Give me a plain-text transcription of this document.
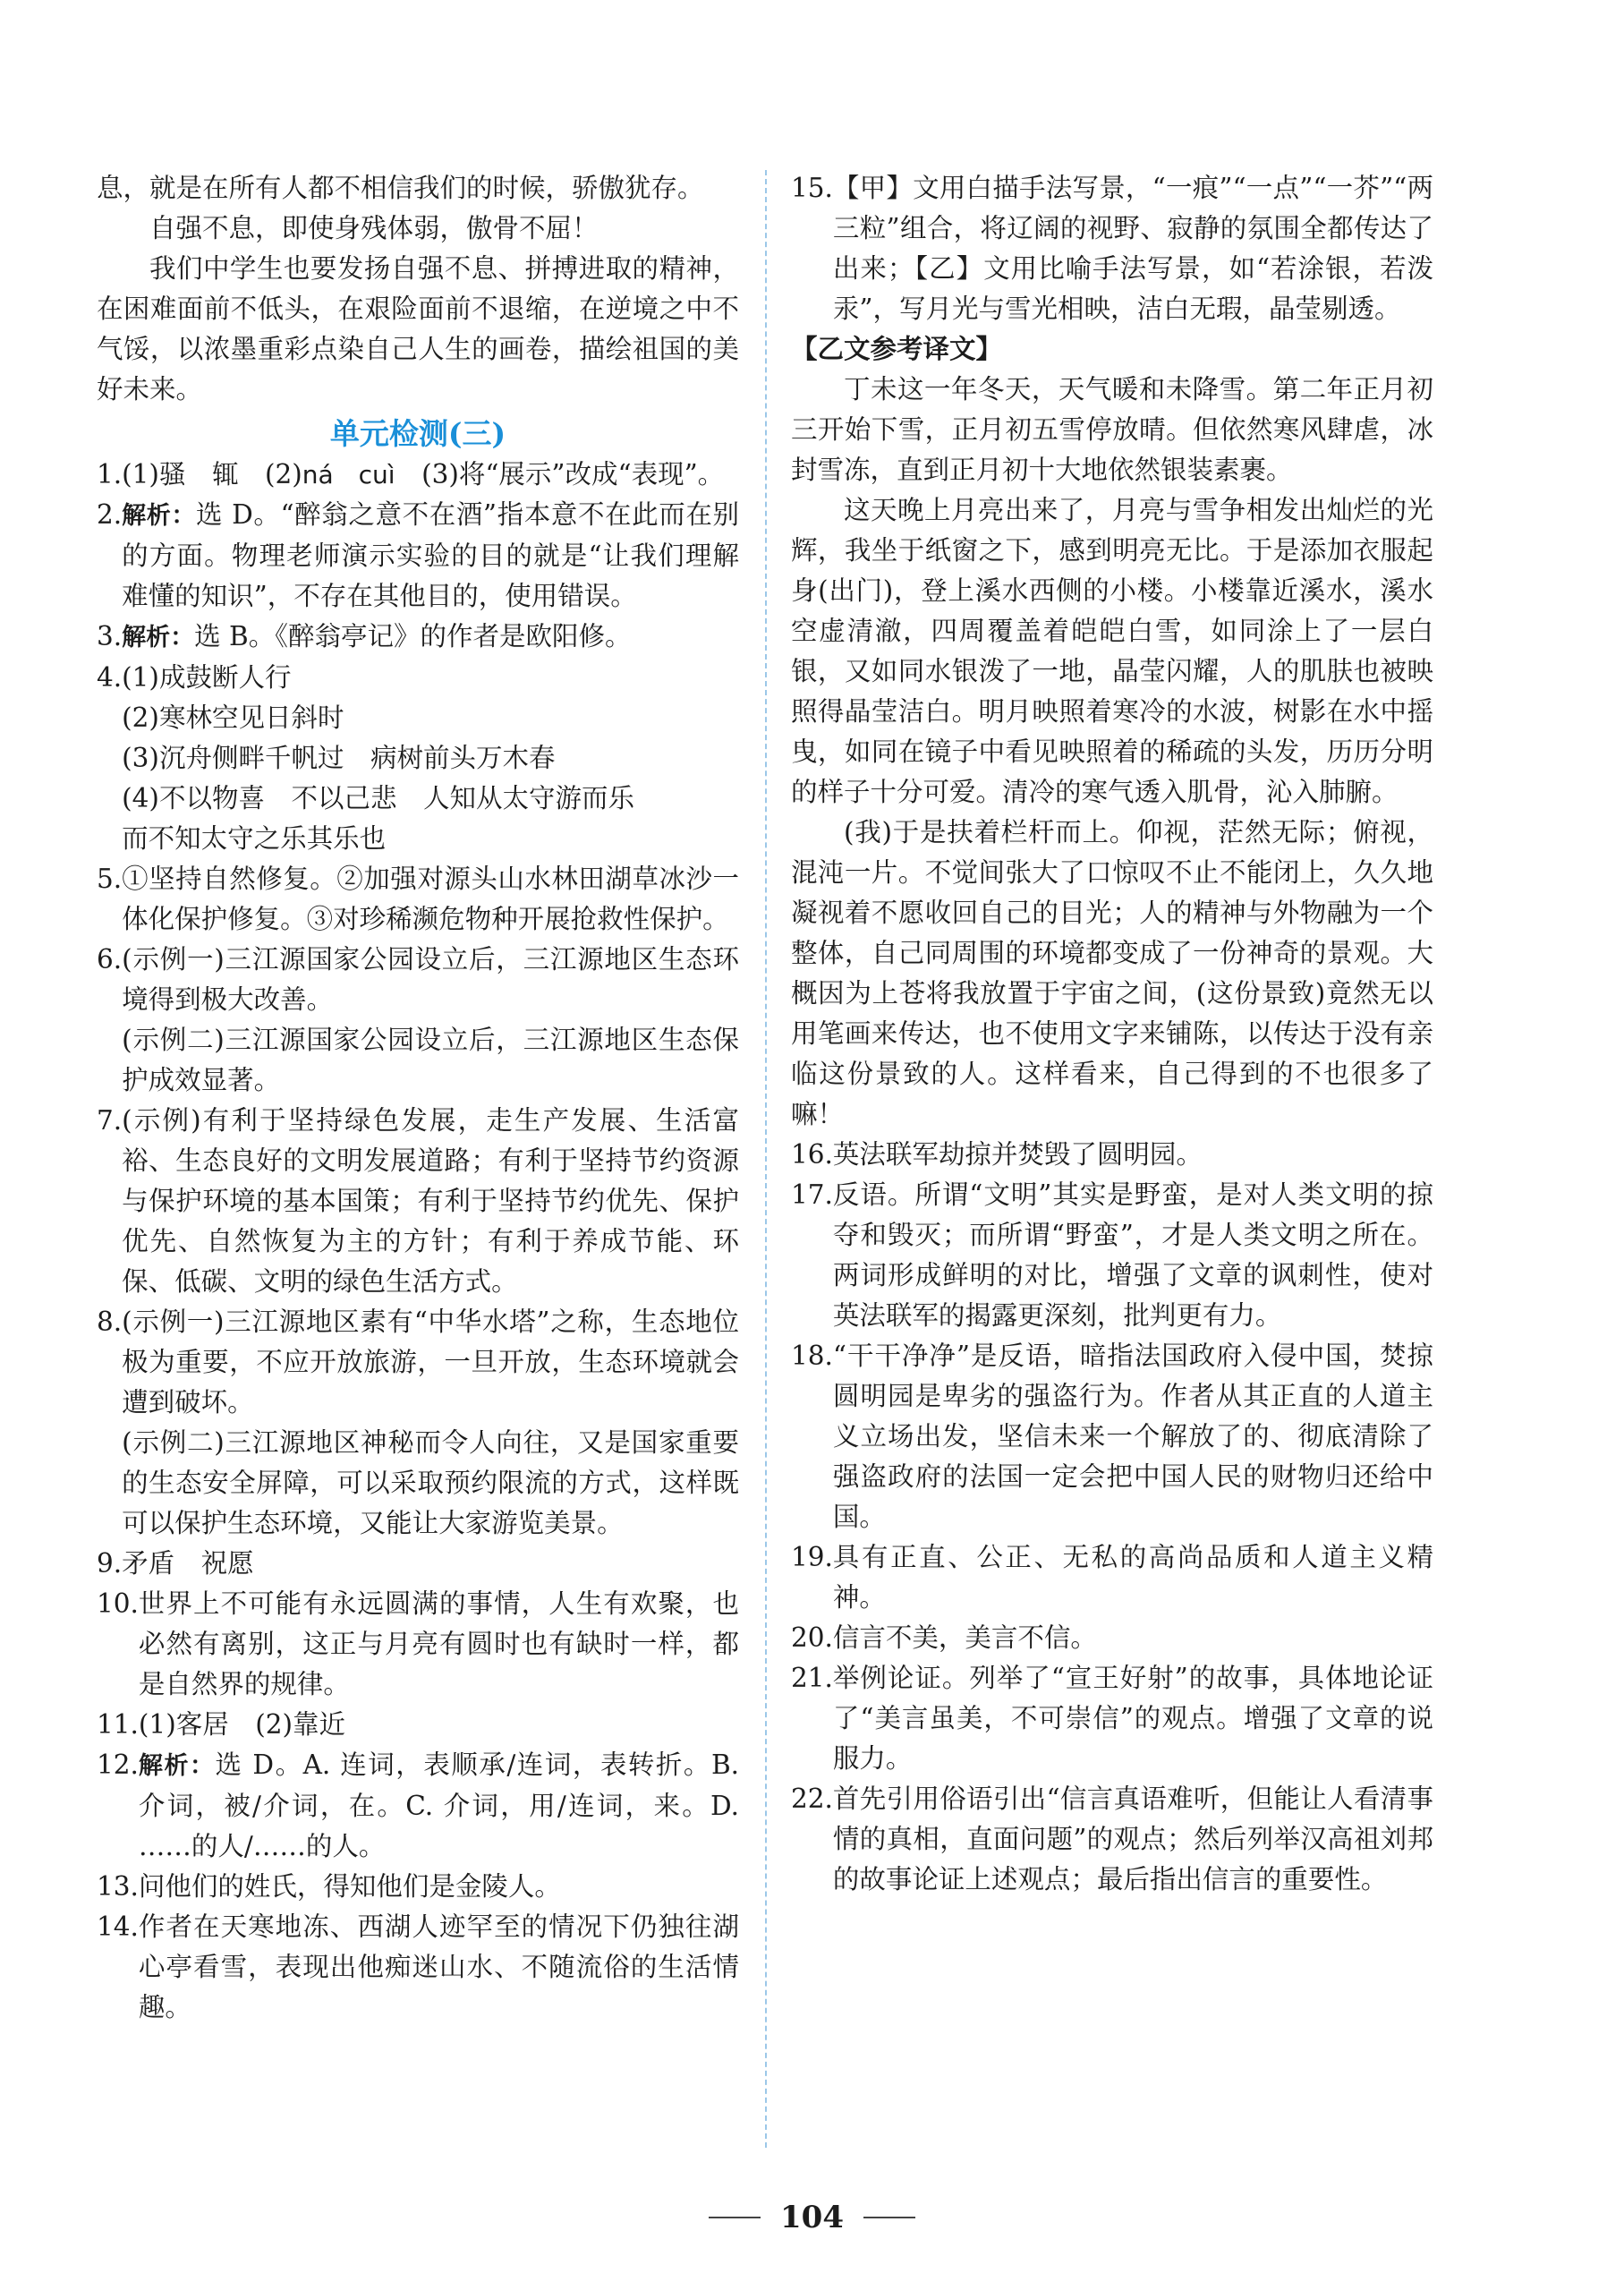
息，就是在所有人都不相信我们的时候，骄傲犹存。

自强不息，即使身残体弱，傲骨不屈！

我们中学生也要发扬自强不息、拼搏进取的精神，在困难面前不低头，在艰险面前不退缩，在逆境之中不气馁，以浓墨重彩点染自己人生的画卷，描绘祖国的美好未来。

单元检测(三)
1. (1)骚　辄　(2)ná　cuì　(3)将“展示”改成“表现”。
2. 解析：选 D。“醉翁之意不在酒”指本意不在此而在别的方面。物理老师演示实验的目的就是“让我们理解难懂的知识”，不存在其他目的，使用错误。
3. 解析：选 B。《醉翁亭记》的作者是欧阳修。
4. (1)成鼓断人行
(2)寒林空见日斜时
(3)沉舟侧畔千帆过　病树前头万木春
(4)不以物喜　不以己悲　人知从太守游而乐
而不知太守之乐其乐也
5. ①坚持自然修复。②加强对源头山水林田湖草冰沙一体化保护修复。③对珍稀濒危物种开展抢救性保护。
6. (示例一)三江源国家公园设立后，三江源地区生态环境得到极大改善。
(示例二)三江源国家公园设立后，三江源地区生态保护成效显著。
7. (示例)有利于坚持绿色发展，走生产发展、生活富裕、生态良好的文明发展道路；有利于坚持节约资源与保护环境的基本国策；有利于坚持节约优先、保护优先、自然恢复为主的方针；有利于养成节能、环保、低碳、文明的绿色生活方式。
8. (示例一)三江源地区素有“中华水塔”之称，生态地位极为重要，不应开放旅游，一旦开放，生态环境就会遭到破坏。
(示例二)三江源地区神秘而令人向往，又是国家重要的生态安全屏障，可以采取预约限流的方式，这样既可以保护生态环境，又能让大家游览美景。
9. 矛盾　祝愿
10. 世界上不可能有永远圆满的事情，人生有欢聚，也必然有离别，这正与月亮有圆时也有缺时一样，都是自然界的规律。
11. (1)客居　(2)靠近
12. 解析：选 D。A. 连词，表顺承/连词，表转折。B. 介词，被/介词，在。C. 介词，用/连词，来。D. ……的人/……的人。
13. 问他们的姓氏，得知他们是金陵人。
14. 作者在天寒地冻、西湖人迹罕至的情况下仍独往湖心亭看雪，表现出他痴迷山水、不随流俗的生活情趣。
15. 【甲】文用白描手法写景，“一痕”“一点”“一芥”“两三粒”组合，将辽阔的视野、寂静的氛围全都传达了出来；【乙】文用比喻手法写景，如“若涂银，若泼汞”，写月光与雪光相映，洁白无瑕，晶莹剔透。

【乙文参考译文】

丁未这一年冬天，天气暖和未降雪。第二年正月初三开始下雪，正月初五雪停放晴。但依然寒风肆虐，冰封雪冻，直到正月初十大地依然银装素裹。

这天晚上月亮出来了，月亮与雪争相发出灿烂的光辉，我坐于纸窗之下，感到明亮无比。于是添加衣服起身(出门)，登上溪水西侧的小楼。小楼靠近溪水，溪水空虚清澈，四周覆盖着皑皑白雪，如同涂上了一层白银，又如同水银泼了一地，晶莹闪耀，人的肌肤也被映照得晶莹洁白。明月映照着寒冷的水波，树影在水中摇曳，如同在镜子中看见映照着的稀疏的头发，历历分明的样子十分可爱。清冷的寒气透入肌骨，沁入肺腑。

(我)于是扶着栏杆而上。仰视，茫然无际；俯视，混沌一片。不觉间张大了口惊叹不止不能闭上，久久地凝视着不愿收回自己的目光；人的精神与外物融为一个整体，自己同周围的环境都变成了一份神奇的景观。大概因为上苍将我放置于宇宙之间，(这份景致)竟然无以用笔画来传达，也不使用文字来铺陈，以传达于没有亲临这份景致的人。这样看来，自己得到的不也很多了嘛！

16. 英法联军劫掠并焚毁了圆明园。
17. 反语。所谓“文明”其实是野蛮，是对人类文明的掠夺和毁灭；而所谓“野蛮”，才是人类文明之所在。两词形成鲜明的对比，增强了文章的讽刺性，使对英法联军的揭露更深刻，批判更有力。
18. “干干净净”是反语，暗指法国政府入侵中国，焚掠圆明园是卑劣的强盗行为。作者从其正直的人道主义立场出发，坚信未来一个解放了的、彻底清除了强盗政府的法国一定会把中国人民的财物归还给中国。
19. 具有正直、公正、无私的高尚品质和人道主义精神。
20. 信言不美，美言不信。
21. 举例论证。列举了“宣王好射”的故事，具体地论证了“美言虽美，不可崇信”的观点。增强了文章的说服力。
22. 首先引用俗语引出“信言真语难听，但能让人看清事情的真相，直面问题”的观点；然后列举汉高祖刘邦的故事论证上述观点；最后指出信言的重要性。
104
